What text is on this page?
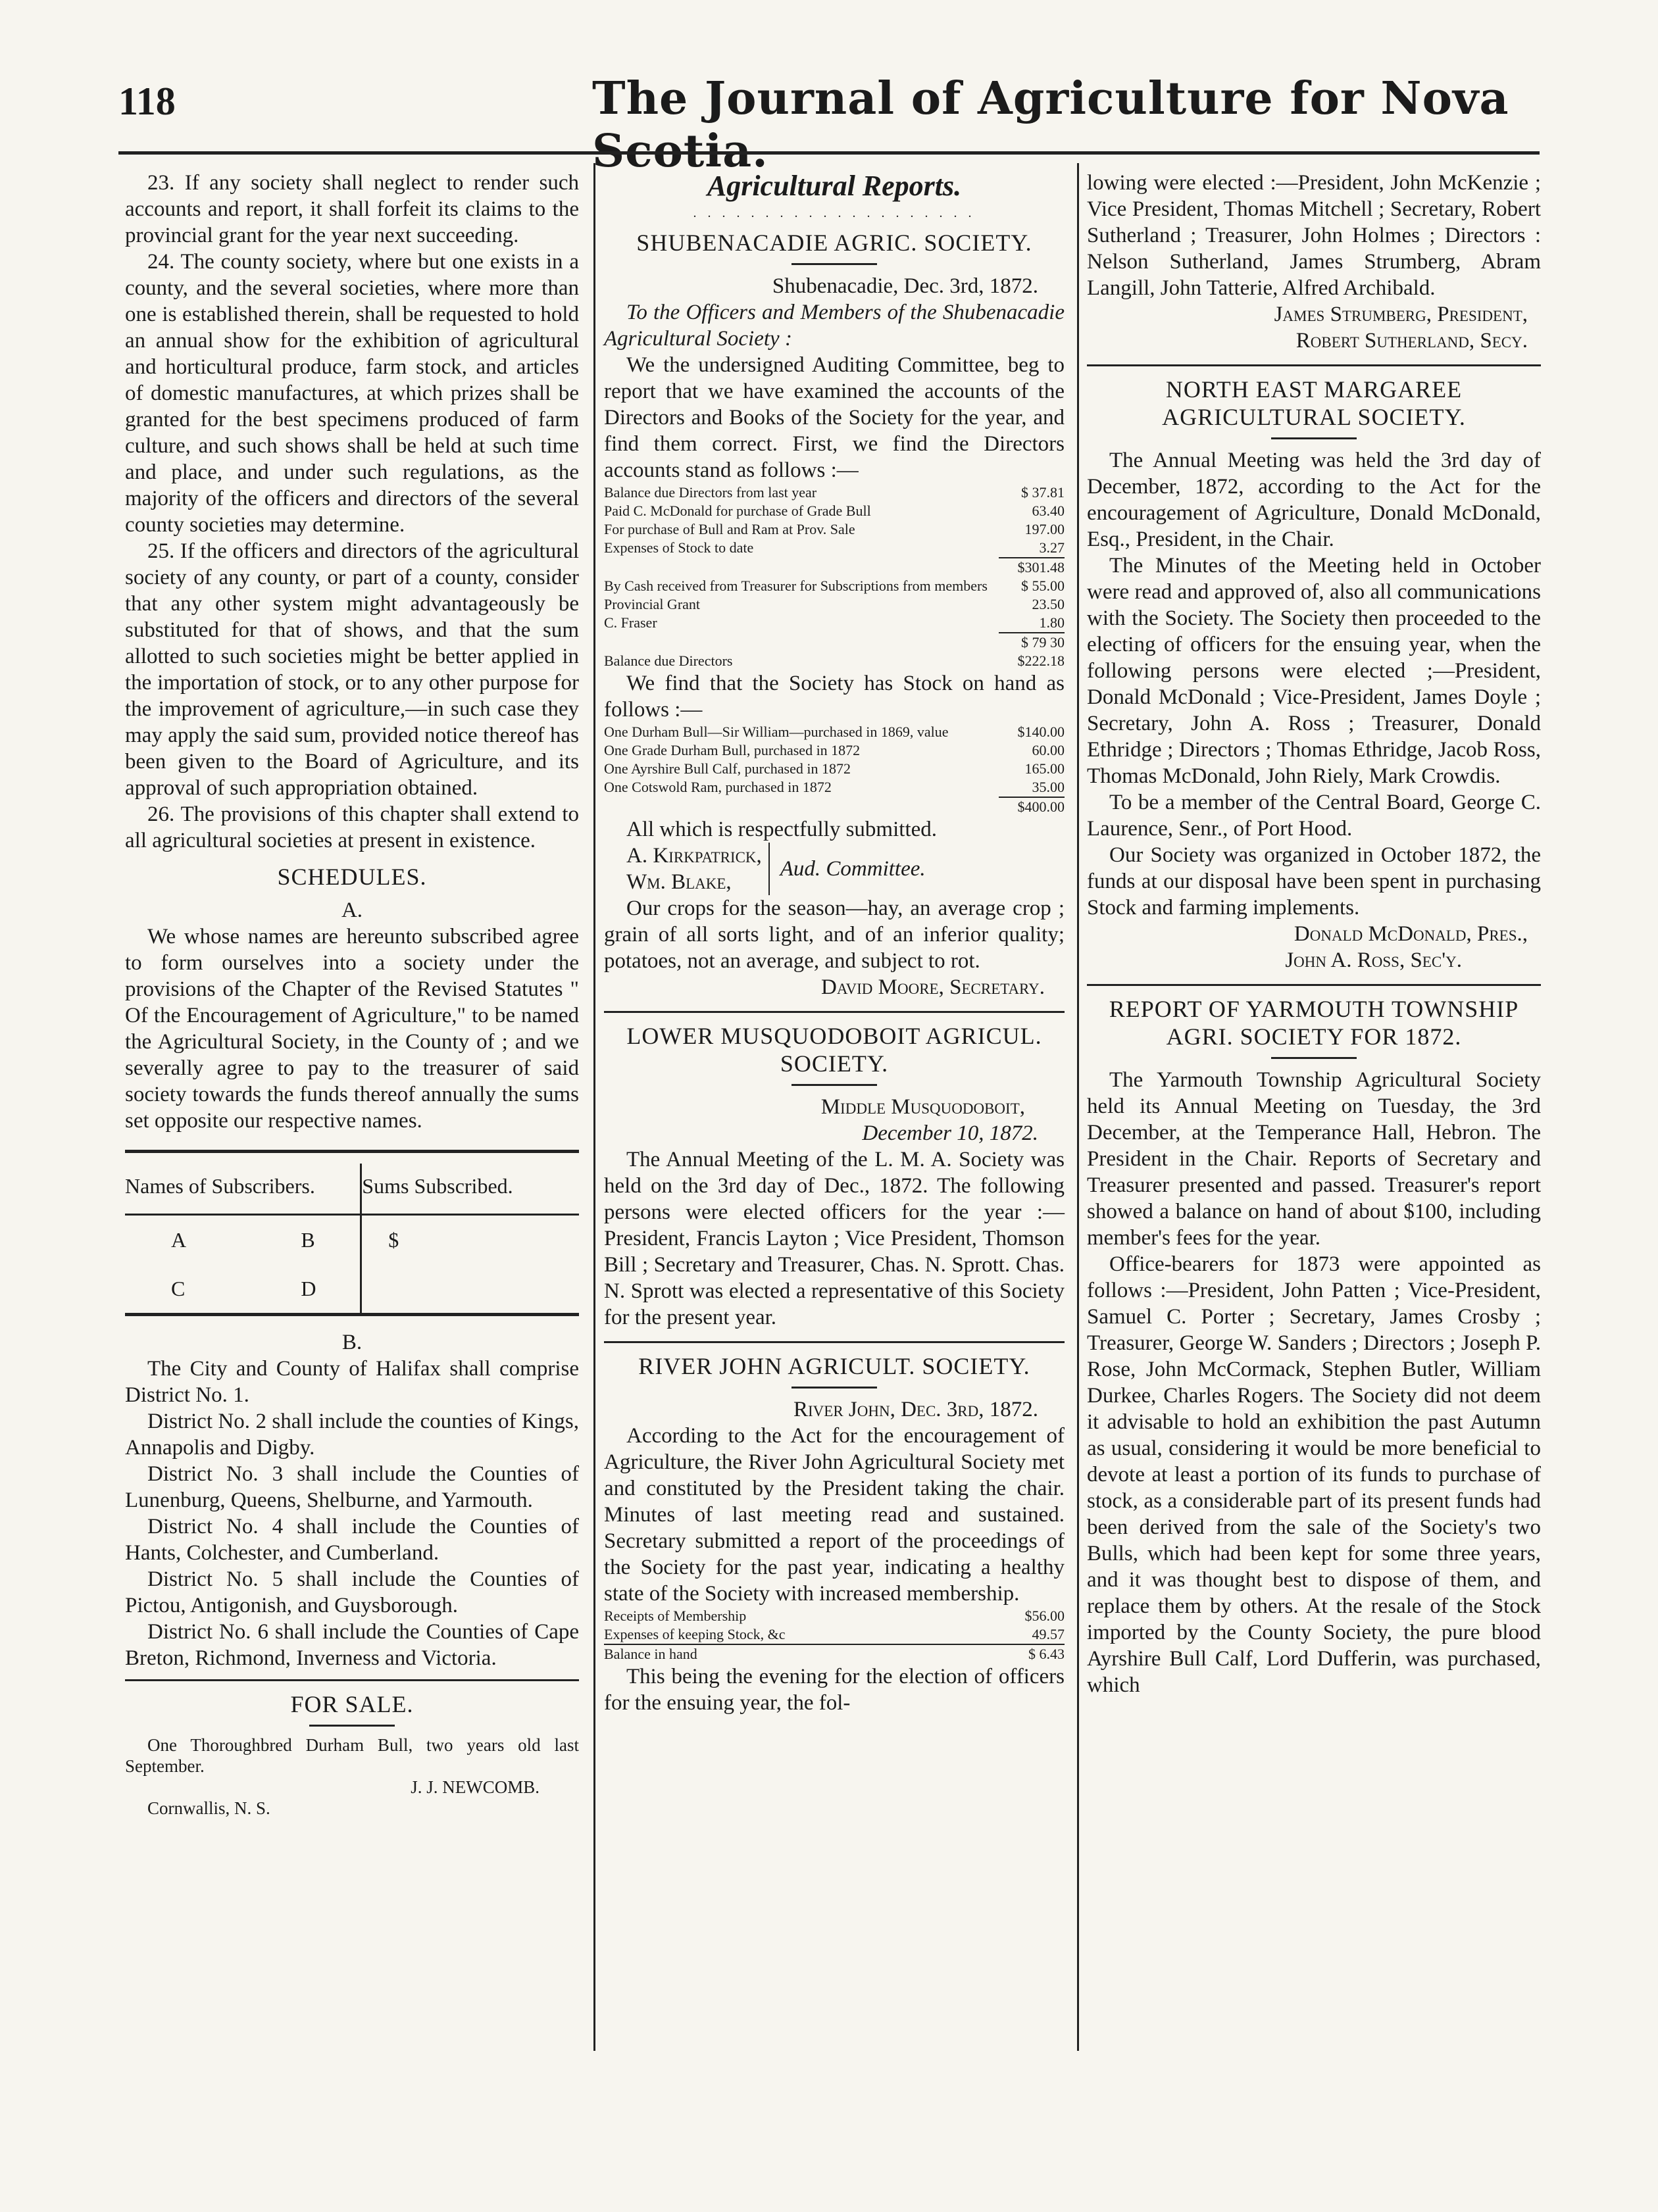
118	The Journal of Agriculture for Nova Scotia.

23. If any society shall neglect to render such accounts and report, it shall forfeit its claims to the provincial grant for the year next succeeding.

24. The county society, where but one exists in a county, and the several societies, where more than one is established therein, shall be requested to hold an annual show for the exhibition of agricultural and horticultural produce, farm stock, and articles of domestic manufactures, at which prizes shall be granted for the best specimens produced of farm culture, and such shows shall be held at such time and place, and under such regulations, as the majority of the officers and directors of the several county societies may determine.

25. If the officers and directors of the agricultural society of any county, or part of a county, consider that any other system might advantageously be substituted for that of shows, and that the sum allotted to such societies might be better applied in the importation of stock, or to any other purpose for the improvement of agriculture,—in such case they may apply the said sum, provided notice thereof has been given to the Board of Agriculture, and its approval of such appropriation obtained.

26. The provisions of this chapter shall extend to all agricultural societies at present in existence.

SCHEDULES.
A.

We whose names are hereunto subscribed agree to form ourselves into a society under the provisions of the Chapter of the Revised Statutes " Of the Encouragement of Agriculture," to be named the Agricultural Society, in the County of ; and we severally agree to pay to the treasurer of said society towards the funds thereof annually the sums set opposite our respective names.

Names of Subscribers.	Sums Subscribed.
A B	$
C D	
B.

The City and County of Halifax shall comprise District No. 1.

District No. 2 shall include the counties of Kings, Annapolis and Digby.

District No. 3 shall include the Counties of Lunenburg, Queens, Shelburne, and Yarmouth.

District No. 4 shall include the Counties of Hants, Colchester, and Cumberland.

District No. 5 shall include the Counties of Pictou, Antigonish, and Guysborough.

District No. 6 shall include the Counties of Cape Breton, Richmond, Inverness and Victoria.

FOR SALE.

One Thoroughbred Durham Bull, two years old last September.

J. J. NEWCOMB.

Cornwallis, N. S.

Agricultural Reports.
. . . . . . . . . . . . . . . . . . . .
SHUBENACADIE AGRIC. SOCIETY.

Shubenacadie, Dec. 3rd, 1872.

To the Officers and Members of the Shubenacadie Agricultural Society :

We the undersigned Auditing Committee, beg to report that we have examined the accounts of the Directors and Books of the Society for the year, and find them correct. First, we find the Directors accounts stand as follows :—

Balance due Directors from last year	$ 37.81
Paid C. McDonald for purchase of Grade Bull	63.40
For purchase of Bull and Ram at Prov. Sale	197.00
Expenses of Stock to date	3.27
$301.48
By Cash received from Treasurer for Subscriptions from members $ 55.00
Provincial Grant	23.50
C. Fraser	1.80
$ 79 30
Balance due Directors	$222.18

We find that the Society has Stock on hand as follows :—

One Durham Bull—Sir William—purchased in 1869, value	$140.00
One Grade Durham Bull, purchased in 1872	60.00
One Ayrshire Bull Calf, purchased in 1872	165.00
One Cotswold Ram, purchased in 1872	35.00
$400.00

All which is respectfully submitted.

A. Kirkpatrick,
Wm. Blake,
Aud. Committee.

Our crops for the season—hay, an average crop ; grain of all sorts light, and of an inferior quality; potatoes, not an average, and subject to rot.

David Moore, Secretary.

LOWER MUSQUODOBOIT AGRICUL. SOCIETY.

Middle Musquodoboit,

December 10, 1872.

The Annual Meeting of the L. M. A. Society was held on the 3rd day of Dec., 1872. The following persons were elected officers for the year :—President, Francis Layton ; Vice President, Thomson Bill ; Secretary and Treasurer, Chas. N. Sprott. Chas. N. Sprott was elected a representative of this Society for the present year.

RIVER JOHN AGRICULT. SOCIETY.

River John, Dec. 3rd, 1872.

According to the Act for the encouragement of Agriculture, the River John Agricultural Society met and constituted by the President taking the chair. Minutes of last meeting read and sustained. Secretary submitted a report of the proceedings of the Society for the past year, indicating a healthy state of the Society with increased membership.

Receipts of Membership	$56.00
Expenses of keeping Stock, &c	49.57
Balance in hand	$ 6.43

This being the evening for the election of officers for the ensuing year, the fol-

lowing were elected :—President, John McKenzie ; Vice President, Thomas Mitchell ; Secretary, Robert Sutherland ; Treasurer, John Holmes ; Directors : Nelson Sutherland, James Strumberg, Abram Langill, John Tatterie, Alfred Archibald.

James Strumberg, President,

Robert Sutherland, Secy.

NORTH EAST MARGAREE AGRICULTURAL SOCIETY.

The Annual Meeting was held the 3rd day of December, 1872, according to the Act for the encouragement of Agriculture, Donald McDonald, Esq., President, in the Chair.

The Minutes of the Meeting held in October were read and approved of, also all communications with the Society. The Society then proceeded to the electing of officers for the ensuing year, when the following persons were elected ;—President, Donald McDonald ; Vice-President, James Doyle ; Secretary, John A. Ross ; Treasurer, Donald Ethridge ; Directors ; Thomas Ethridge, Jacob Ross, Thomas McDonald, John Riely, Mark Crowdis.

To be a member of the Central Board, George C. Laurence, Senr., of Port Hood.

Our Society was organized in October 1872, the funds at our disposal have been spent in purchasing Stock and farming implements.

Donald McDonald, Pres.,

John A. Ross, Sec'y.

REPORT OF YARMOUTH TOWNSHIP AGRI. SOCIETY FOR 1872.

The Yarmouth Township Agricultural Society held its Annual Meeting on Tuesday, the 3rd December, at the Temperance Hall, Hebron. The President in the Chair. Reports of Secretary and Treasurer presented and passed. Treasurer's report showed a balance on hand of about $100, including member's fees for the year.

Office-bearers for 1873 were appointed as follows :—President, John Patten ; Vice-President, Samuel C. Porter ; Secretary, James Crosby ; Treasurer, George W. Sanders ; Directors ; Joseph P. Rose, John McCormack, Stephen Butler, William Durkee, Charles Rogers. The Society did not deem it advisable to hold an exhibition the past Autumn as usual, considering it would be more beneficial to devote at least a portion of its funds to purchase of stock, as a considerable part of its present funds had been derived from the sale of the Society's two Bulls, which had been kept for some three years, and it was thought best to dispose of them, and replace them by others. At the resale of the Stock imported by the County Society, the pure blood Ayrshire Bull Calf, Lord Dufferin, was purchased, which
